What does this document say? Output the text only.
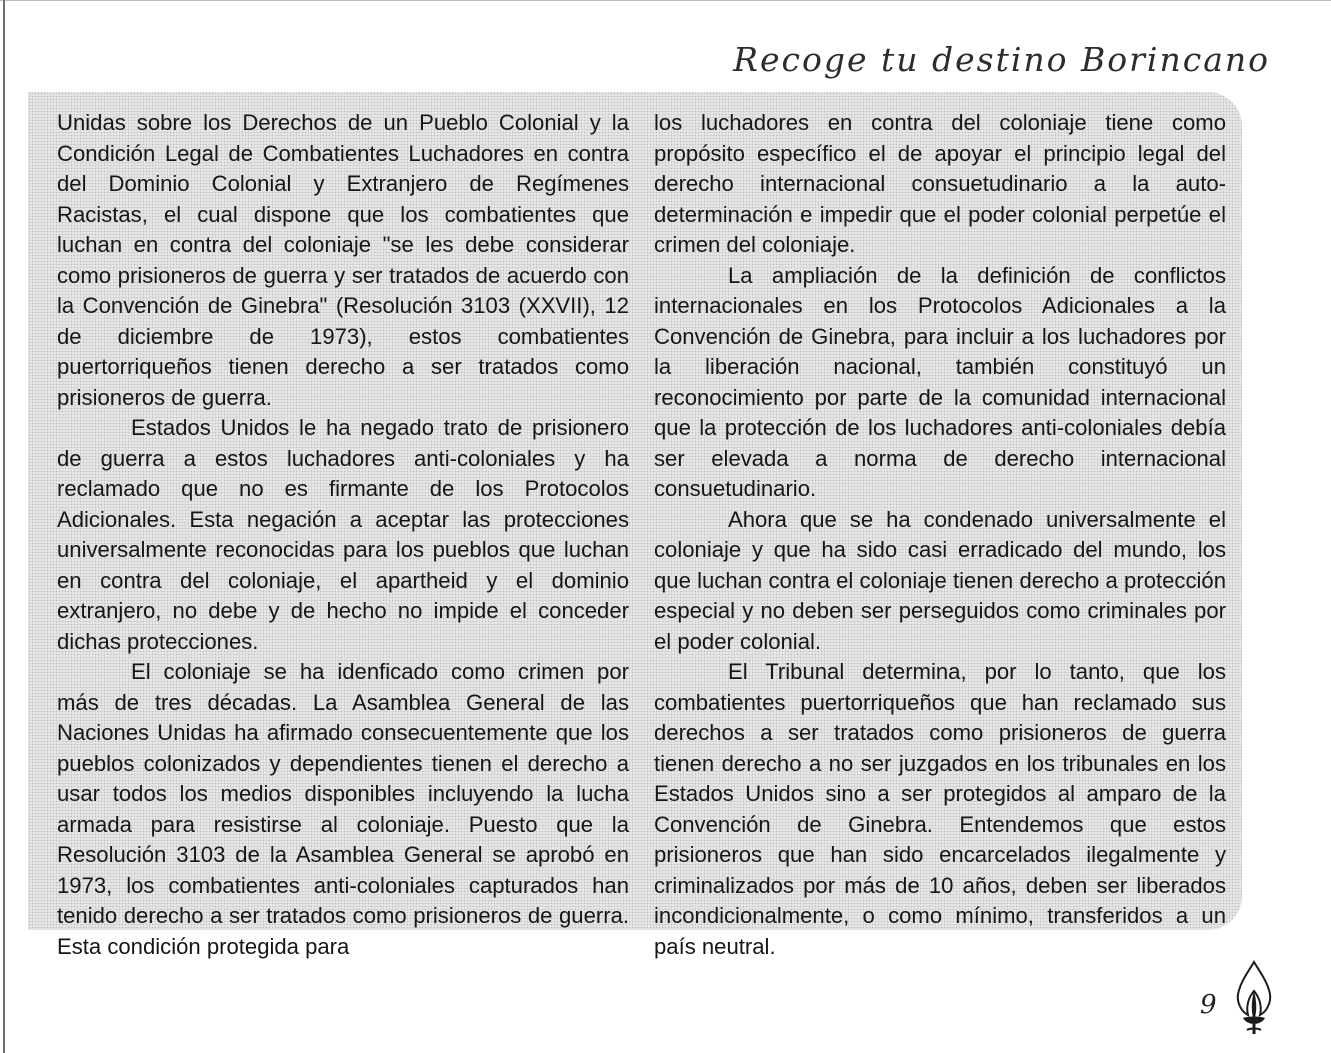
Recoge tu destino Borincano

Unidas sobre los Derechos de un Pueblo Colonial y la Condición Legal de Combatientes Luchadores en contra del Dominio Colonial y Extranjero de Regímenes Racistas, el cual dispone que los combatientes que luchan en contra del coloniaje "se les debe considerar como prisioneros de guerra y ser tratados de acuerdo con la Convención de Ginebra" (Resolución 3103 (XXVII), 12 de diciembre de 1973), estos combatientes puertorriqueños tienen derecho a ser tratados como prisioneros de guerra.

Estados Unidos le ha negado trato de prisionero de guerra a estos luchadores anti-coloniales y ha reclamado que no es firmante de los Protocolos Adicionales. Esta negación a aceptar las protecciones universalmente reconocidas para los pueblos que luchan en contra del coloniaje, el apartheid y el dominio extranjero, no debe y de hecho no impide el conceder dichas protecciones.

El coloniaje se ha idenficado como crimen por más de tres décadas. La Asamblea General de las Naciones Unidas ha afirmado consecuentemente que los pueblos colonizados y dependientes tienen el derecho a usar todos los medios disponibles incluyendo la lucha armada para resistirse al coloniaje. Puesto que la Resolución 3103 de la Asamblea General se aprobó en 1973, los combatientes anti-coloniales capturados han tenido derecho a ser tratados como prisioneros de guerra. Esta condición protegida para

los luchadores en contra del coloniaje tiene como propósito específico el de apoyar el principio legal del derecho internacional consuetudinario a la auto-determinación e impedir que el poder colonial perpetúe el crimen del coloniaje.

La ampliación de la definición de conflictos internacionales en los Protocolos Adicionales a la Convención de Ginebra, para incluir a los luchadores por la liberación nacional, también constituyó un reconocimiento por parte de la comunidad internacional que la protección de los luchadores anti-coloniales debía ser elevada a norma de derecho internacional consuetudinario.

Ahora que se ha condenado universalmente el coloniaje y que ha sido casi erradicado del mundo, los que luchan contra el coloniaje tienen derecho a protección especial y no deben ser perseguidos como criminales por el poder colonial.

El Tribunal determina, por lo tanto, que los combatientes puertorriqueños que han reclamado sus derechos a ser tratados como prisioneros de guerra tienen derecho a no ser juzgados en los tribunales en los Estados Unidos sino a ser protegidos al amparo de la Convención de Ginebra. Entendemos que estos prisioneros que han sido encarcelados ilegalmente y criminalizados por más de 10 años, deben ser liberados incondicionalmente, o como mínimo, transferidos a un país neutral.

9
